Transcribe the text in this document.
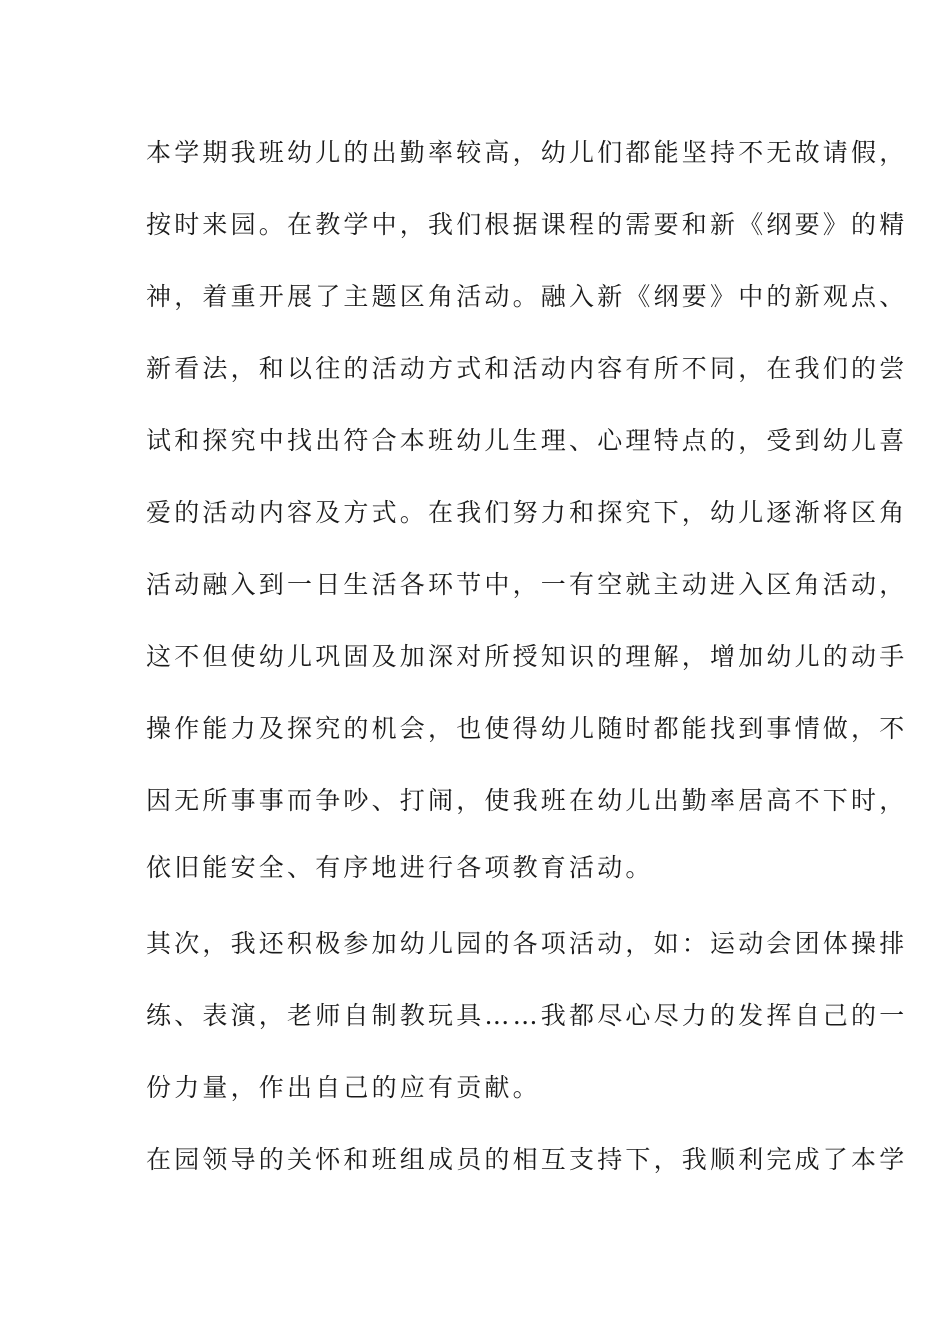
本学期我班幼儿的出勤率较高，幼儿们都能坚持不无故请假，
按时来园。在教学中，我们根据课程的需要和新《纲要》的精
神，着重开展了主题区角活动。融入新《纲要》中的新观点、
新看法，和以往的活动方式和活动内容有所不同，在我们的尝
试和探究中找出符合本班幼儿生理、心理特点的，受到幼儿喜
爱的活动内容及方式。在我们努力和探究下，幼儿逐渐将区角
活动融入到一日生活各环节中，一有空就主动进入区角活动，
这不但使幼儿巩固及加深对所授知识的理解，增加幼儿的动手
操作能力及探究的机会，也使得幼儿随时都能找到事情做，不
因无所事事而争吵、打闹，使我班在幼儿出勤率居高不下时，
依旧能安全、有序地进行各项教育活动。
其次，我还积极参加幼儿园的各项活动，如：运动会团体操排
练、表演，老师自制教玩具……我都尽心尽力的发挥自己的一
份力量，作出自己的应有贡献。
在园领导的关怀和班组成员的相互支持下，我顺利完成了本学
